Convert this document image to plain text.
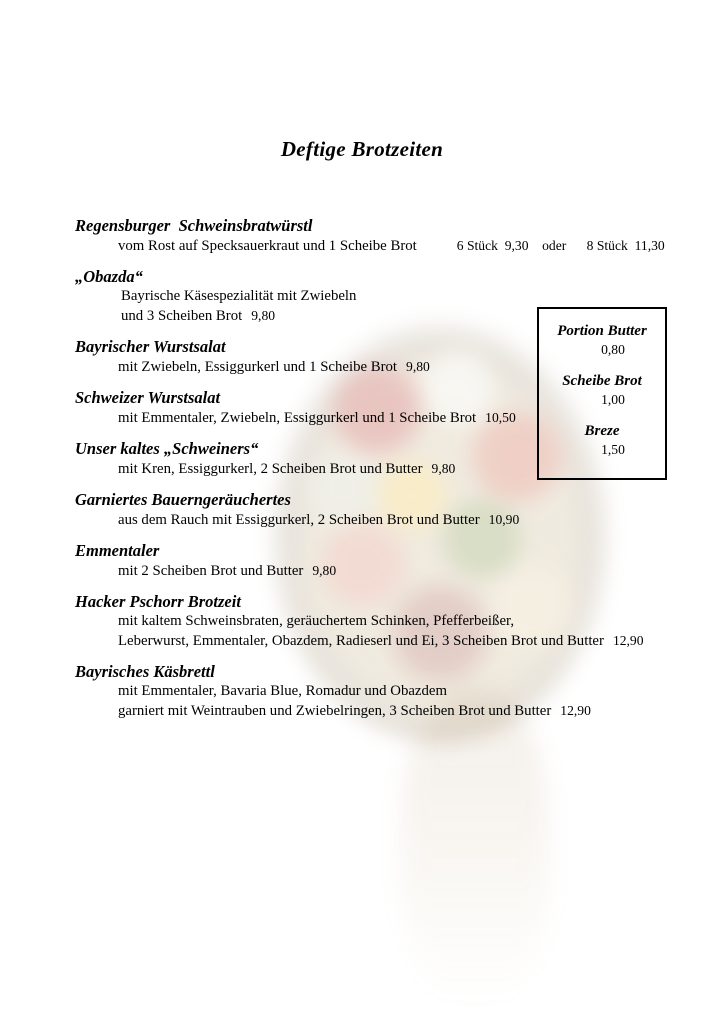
Deftige Brotzeiten
Regensburger  Schweinsbratwürstl

vom Rost auf Specksauerkraut und 1 Scheibe Brot	6 Stück  9,30    oder      8 Stück  11,30

„Obazda“

Bayrische Käsespezialität mit Zwiebeln

und 3 Scheiben Brot 9,80

Bayrischer Wurstsalat

mit Zwiebeln, Essiggurkerl und 1 Scheibe Brot 9,80

Schweizer Wurstsalat

mit Emmentaler, Zwiebeln, Essiggurkerl und 1 Scheibe Brot 10,50

Unser kaltes „Schweiners“

mit Kren, Essiggurkerl, 2 Scheiben Brot und Butter 9,80

Garniertes Bauerngeräuchertes

aus dem Rauch mit Essiggurkerl, 2 Scheiben Brot und Butter 10,90

Emmentaler

mit 2 Scheiben Brot und Butter 9,80

Hacker Pschorr Brotzeit

mit kaltem Schweinsbraten, geräuchertem Schinken, Pfefferbeißer,

Leberwurst, Emmentaler, Obazdem, Radieserl und Ei, 3 Scheiben Brot und Butter 12,90

Bayrisches Käsbrettl

mit Emmentaler, Bavaria Blue, Romadur und Obazdem

garniert mit Weintrauben und Zwiebelringen, 3 Scheiben Brot und Butter 12,90

Portion Butter
0,80
Scheibe Brot
1,00
Breze
1,50
